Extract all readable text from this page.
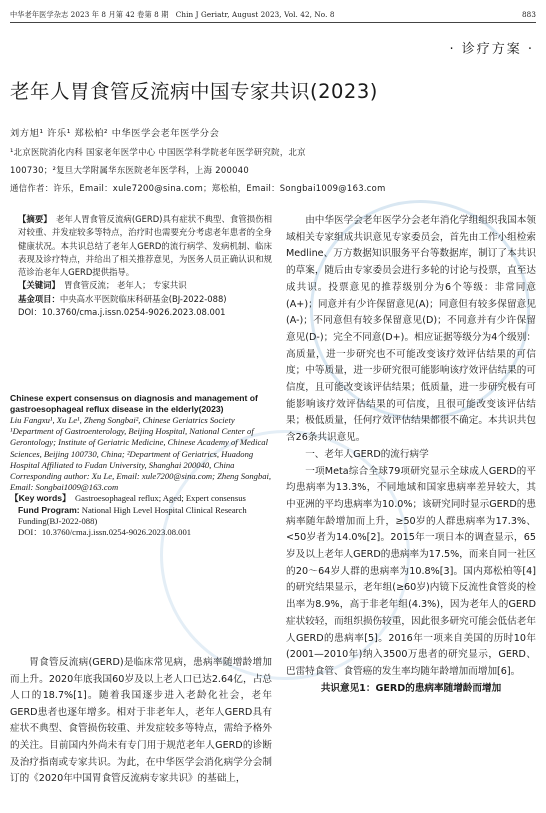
中华老年医学杂志 2023 年 8 月第 42 卷第 8 期　Chin J Geriatr, August 2023, Vol. 42, No. 8	883
· 诊疗方案 ·
老年人胃食管反流病中国专家共识(2023)
刘方旭¹ 许乐¹ 郑松柏² 中华医学会老年医学分会
¹北京医院消化内科 国家老年医学中心 中国医学科学院老年医学研究院，北京
100730；²复旦大学附属华东医院老年医学科，上海 200040
通信作者：许乐，Email：xule7200@sina.com；郑松柏，Email：Songbai1009@163.com

【摘要】　 老年人胃食管反流病(GERD)具有症状不典型、食管损伤相对较重、并发症较多等特点，治疗时也需要充分考虑老年患者的全身健康状况。本共识总结了老年人GERD的流行病学、发病机制、临床表现及诊疗特点，并给出了相关推荐意见，为医务人员正确认识和规范诊治老年人GERD提供指导。

【关键词】　 胃食管反流； 老年人； 专家共识

基金项目：中央高水平医院临床科研基金(BJ-2022-088)

DOI：10.3760/cma.j.issn.0254-9026.2023.08.001

Chinese expert consensus on diagnosis and management of gastroesophageal reflux disease in the elderly(2023)

Liu Fangxu¹, Xu Le¹, Zheng Songbai², Chinese Geriatrics Society

¹Department of Gastroenterology, Beijing Hospital, National Center of Gerontology; Institute of Geriatric Medicine, Chinese Academy of Medical Sciences, Beijing 100730, China; ²Department of Geriatrics, Huadong Hospital Affiliated to Fudan University, Shanghai 200040, China

Corresponding author: Xu Le, Email: xule7200@sina.com; Zheng Songbai, Email: Songbai1009@163.com

【Key words】　 Gastroesophageal reflux; Aged; Expert consensus

Fund Program: National High Level Hospital Clinical Research Funding(BJ-2022-088)

DOI：10.3760/cma.j.issn.0254-9026.2023.08.001

胃食管反流病(GERD)是临床常见病，患病率随增龄增加而上升。2020年底我国60岁及以上老人口已达2.64亿，占总人口的18.7%[1]。随着我国逐步进入老龄化社会，老年GERD患者也逐年增多。相对于非老年人，老年人GERD具有症状不典型、食管损伤较重、并发症较多等特点，需给予格外的关注。目前国内外尚未有专门用于规范老年人GERD的诊断及治疗指南或专家共识。为此，在中华医学会消化病学分会制订的《2020年中国胃食管反流病专家共识》的基础上，

由中华医学会老年医学分会老年消化学组组织我国本领域相关专家组成共识意见专家委员会，首先由工作小组检索Medline、万方数据知识服务平台等数据库，制订了本共识的草案，随后由专家委员会进行多轮的讨论与投票，直至达成共识。投票意见的推荐级别分为6个等级：非常同意(A+)；同意并有少许保留意见(A)；同意但有较多保留意见(A-)；不同意但有较多保留意见(D)；不同意并有少许保留意见(D-)；完全不同意(D+)。相应证据等级分为4个级别：高质量，进一步研究也不可能改变该疗效评估结果的可信度；中等质量，进一步研究很可能影响该疗效评估结果的可信度，且可能改变该评估结果；低质量，进一步研究极有可能影响该疗效评估结果的可信度，且很可能改变该评估结果；极低质量，任何疗效评估结果都很不确定。本共识共包含26条共识意见。

一、老年人GERD的流行病学

一项Meta综合全球79项研究显示全球成人GERD的平均患病率为13.3%，不同地域和国家患病率差异较大，其中亚洲的平均患病率为10.0%；该研究同时显示GERD的患病率随年龄增加而上升，≥50岁的人群患病率为17.3%、<50岁者为14.0%[2]。2015年一项日本的调查显示，65岁及以上老年人GERD的患病率为17.5%，而来自同一社区的20～64岁人群的患病率为10.8%[3]。国内郑松柏等[4]的研究结果显示，老年组(≥60岁)内镜下反流性食管炎的检出率为8.9%，高于非老年组(4.3%)，因为老年人的GERD症状较轻，而组织损伤较重，因此很多研究可能会低估老年人GERD的患病率[5]。2016年一项来自美国的历时10年(2001—2010年)纳入3500万患者的研究显示，GERD、巴雷特食管、食管癌的发生率均随年龄增加而增加[6]。

共识意见1：GERD的患病率随增龄而增加
